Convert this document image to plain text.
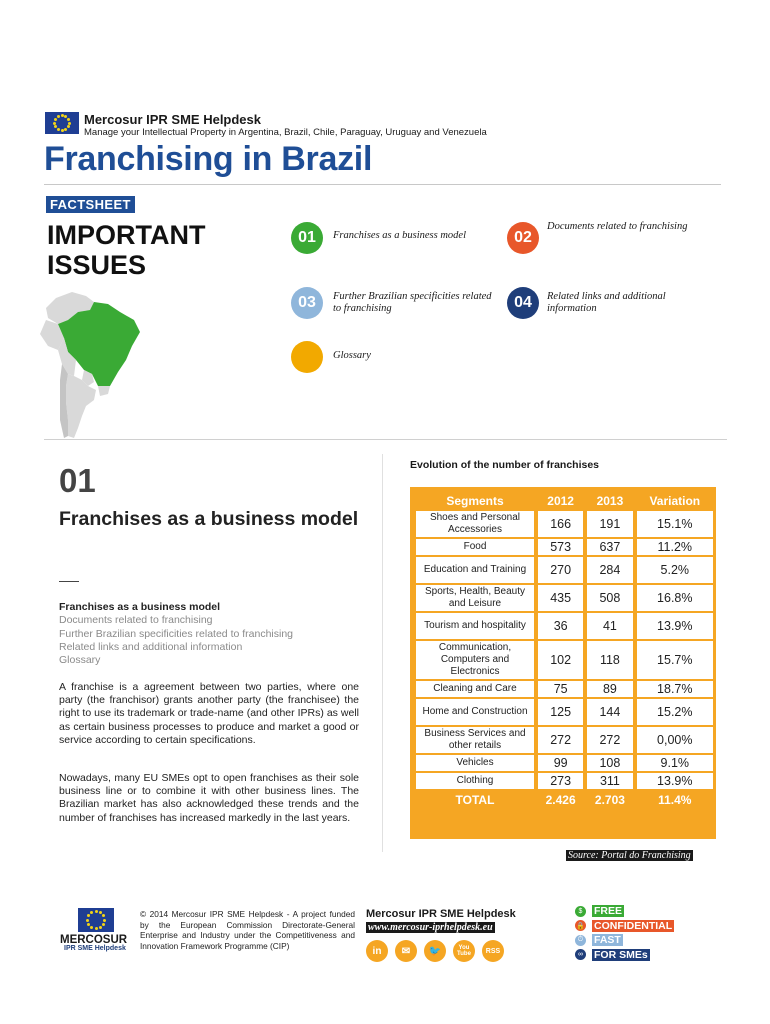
Mercosur IPR SME Helpdesk
Manage your Intellectual Property in Argentina, Brazil, Chile, Paraguay, Uruguay and Venezuela
Franchising in Brazil
FACTSHEET
IMPORTANT
ISSUES
01	Franchises as a business model	02
Documents related to franchising
03	Further Brazilian specificities related to franchising	04	Related links and additional information
Glossary
01
Franchises as a business model
Franchises as a business model
Documents related to franchising
Further Brazilian specificities related to franchising
Related links and additional information
Glossary
A franchise is a agreement between two parties, where one party (the franchisor) grants another party (the franchisee) the right to use its trademark or trade-name (and other IPRs) as well as certain business processes to produce and market a good or service according to certain specifications.
Nowadays, many EU SMEs opt to open franchises as their sole business line or to combine it with other business lines. The Brazilian market has also acknowledged these trends and the number of franchises has increased markedly in the last years.
Evolution of the number of franchises
Segments		2012		2013		Variation
Shoes and Personal Accessories		166		191		15.1%
Food		573		637		11.2%
Education and Training		270		284		5.2%
Sports, Health, Beauty and Leisure		435		508		16.8%
Tourism and hospitality		36		41		13.9%
Communication, Computers and Electronics		102		118		15.7%
Cleaning and Care		75		89		18.7%
Home and Construction		125		144		15.2%
Business Services and other retails		272		272		0,00%
Vehicles		99		108		9.1%
Clothing		273		311		13.9%
TOTAL		2.426		2.703		11.4%
Source: Portal do Franchising
MERCOSUR
IPR SME Helpdesk
© 2014 Mercosur IPR SME Helpdesk - A project funded by the European Commission Directorate-General Enterprise and Industry under the Competitiveness and Innovation Framework Programme (CIP)
Mercosur IPR SME Helpdesk
www.mercosur-iprhelpdesk.eu
in	✉	🐦	You Tube	RSS
$	FREE
🔒 CONFIDENTIAL
⏱ FAST
∞ FOR SMEs
